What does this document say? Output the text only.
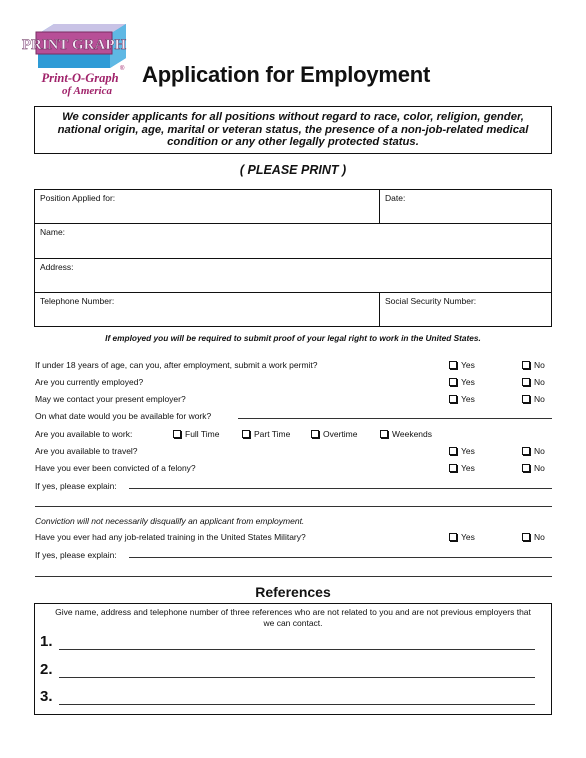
PRINT GRAPH
®
Print-O-Graph
of America
Application for Employment
We consider applicants for all positions without regard to race, color, religion, gender, national origin, age, marital or veteran status, the presence of a non-job-related medical condition or any other legally protected status.
( PLEASE PRINT )
Position Applied for:	Date:
Name:
Address:
Telephone Number:	Social Security Number:
If employed you will be required to submit proof of your legal right to work in the United States.
If under 18 years of age, can you, after employment, submit a work permit?	Yes	No
Are you currently employed?	Yes	No
May we contact your present employer?	Yes	No
On what date would you be available for work?
Are you available to work:	Full Time	Part Time	Overtime	Weekends
Are you available to travel?	Yes	No
Have you ever been convicted of a felony?	Yes	No
If yes, please explain:
Conviction will not necessarily disqualify an applicant from employment.
Have you ever had any job-related training in the United States Military?	Yes	No
If yes, please explain:
References
Give name, address and telephone number of three references who are not related to you and are not previous employers that we can contact.
1.
2.
3.
